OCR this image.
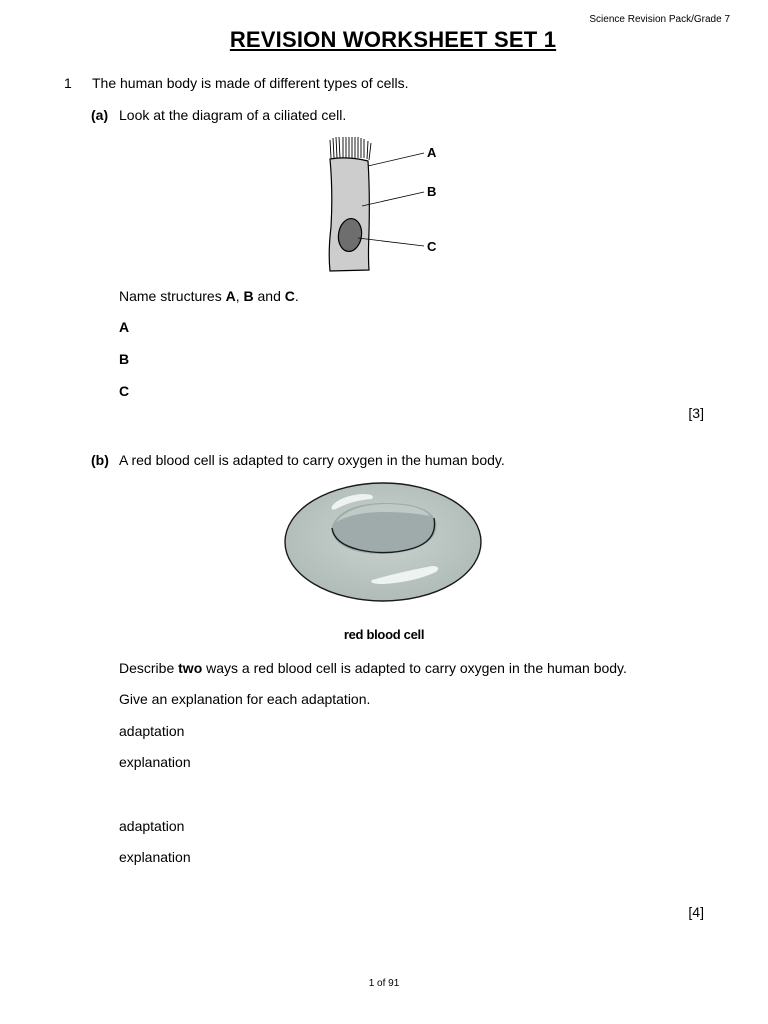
Science Revision Pack/Grade 7
REVISION WORKSHEET SET 1
1 The human body is made of different types of cells.
(a) Look at the diagram of a ciliated cell.
A
B
C
Name structures A, B and C.
A
B
C
[3]
(b) A red blood cell is adapted to carry oxygen in the human body.
red blood cell
Describe two ways a red blood cell is adapted to carry oxygen in the human body.
Give an explanation for each adaptation.
adaptation
explanation
adaptation
explanation
[4]
1 of 91
